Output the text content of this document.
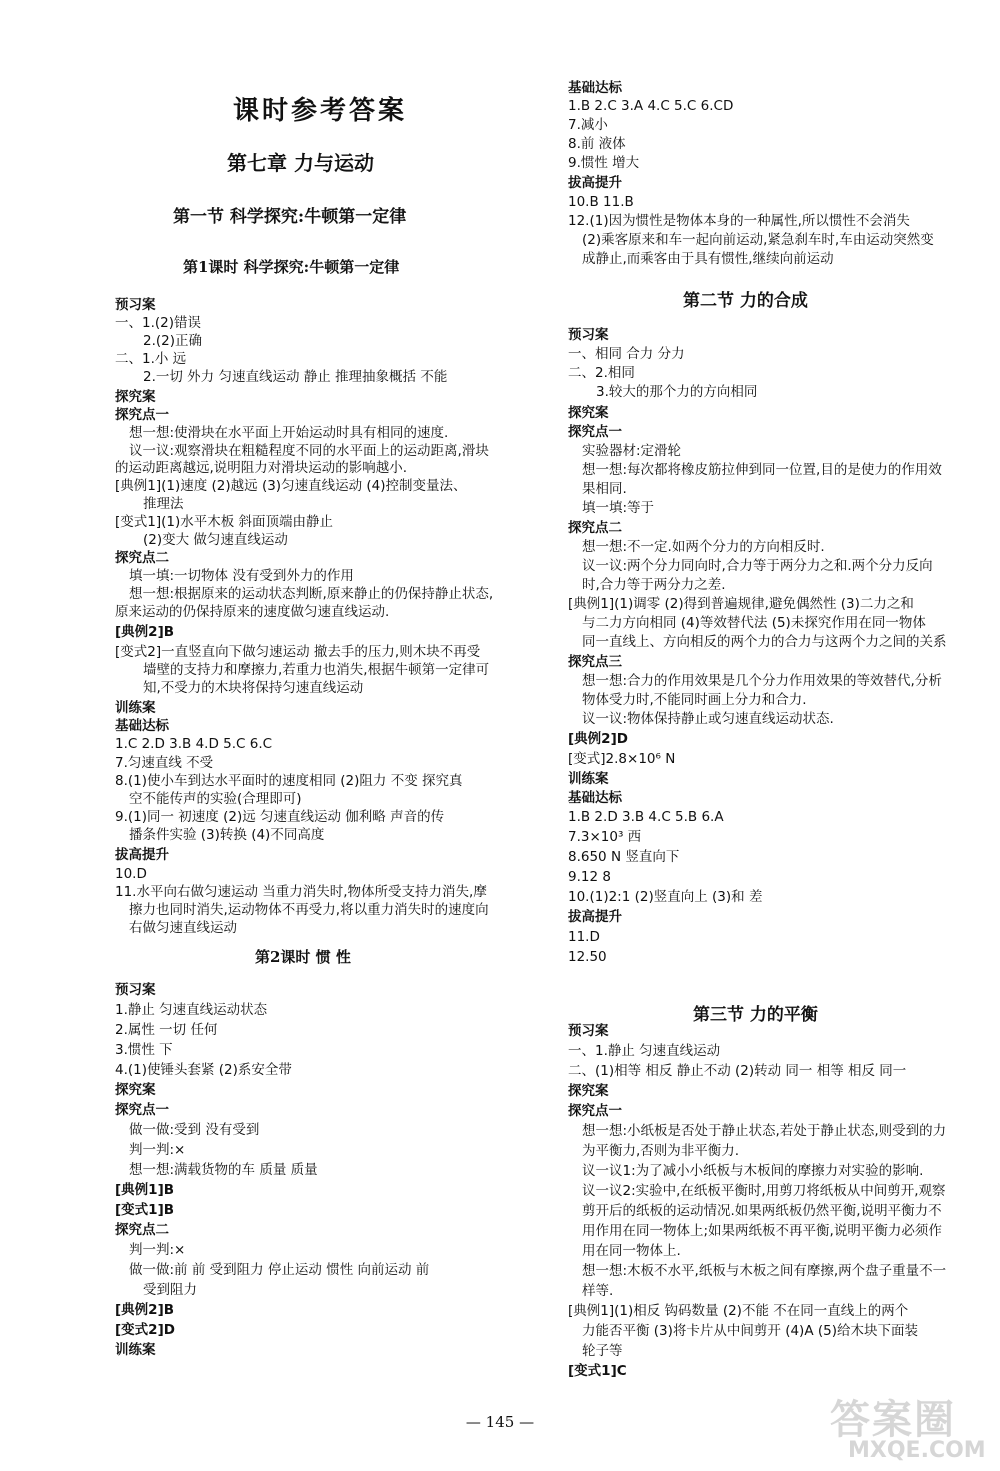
课时参考答案
第七章 力与运动
第一节 科学探究:牛顿第一定律
第1课时 科学探究:牛顿第一定律
第2课时 惯 性
预习案
一、1.(2)错误
2.(2)正确
二、1.小 远
2.一切 外力 匀速直线运动 静止 推理抽象概括 不能
探究案
探究点一
想一想:使滑块在水平面上开始运动时具有相同的速度.
议一议:观察滑块在粗糙程度不同的水平面上的运动距离,滑块
的运动距离越远,说明阻力对滑块运动的影响越小.
[典例1](1)速度 (2)越远 (3)匀速直线运动 (4)控制变量法、
推理法
[变式1](1)水平木板 斜面顶端由静止
(2)变大 做匀速直线运动
探究点二
填一填:一切物体 没有受到外力的作用
想一想:根据原来的运动状态判断,原来静止的仍保持静止状态,
原来运动的仍保持原来的速度做匀速直线运动.
[典例2]B
[变式2]一直竖直向下做匀速运动 撤去手的压力,则木块不再受
墙壁的支持力和摩擦力,若重力也消失,根据牛顿第一定律可
知,不受力的木块将保持匀速直线运动
训练案
基础达标
1.C 2.D 3.B 4.D 5.C 6.C
7.匀速直线 不受
8.(1)使小车到达水平面时的速度相同 (2)阻力 不变 探究真
空不能传声的实验(合理即可)
9.(1)同一 初速度 (2)远 匀速直线运动 伽利略 声音的传
播条件实验 (3)转换 (4)不同高度
拔高提升
10.D
11.水平向右做匀速运动 当重力消失时,物体所受支持力消失,摩
擦力也同时消失,运动物体不再受力,将以重力消失时的速度向
右做匀速直线运动
预习案
1.静止 匀速直线运动状态
2.属性 一切 任何
3.惯性 下
4.(1)使锤头套紧 (2)系安全带
探究案
探究点一
做一做:受到 没有受到
判一判:×
想一想:满载货物的车 质量 质量
[典例1]B
[变式1]B
探究点二
判一判:×
做一做:前 前 受到阻力 停止运动 惯性 向前运动 前
受到阻力
[典例2]B
[变式2]D
训练案
第二节 力的合成
第三节 力的平衡
基础达标
1.B 2.C 3.A 4.C 5.C 6.CD
7.减小
8.前 液体
9.惯性 增大
拔高提升
10.B 11.B
12.(1)因为惯性是物体本身的一种属性,所以惯性不会消失
(2)乘客原来和车一起向前运动,紧急刹车时,车由运动突然变
成静止,而乘客由于具有惯性,继续向前运动
预习案
一、相同 合力 分力
二、2.相同
3.较大的那个力的方向相同
探究案
探究点一
实验器材:定滑轮
想一想:每次都将橡皮筋拉伸到同一位置,目的是使力的作用效
果相同.
填一填:等于
探究点二
想一想:不一定.如两个分力的方向相反时.
议一议:两个分力同向时,合力等于两分力之和.两个分力反向
时,合力等于两分力之差.
[典例1](1)调零 (2)得到普遍规律,避免偶然性 (3)二力之和
与二力方向相同 (4)等效替代法 (5)未探究作用在同一物体
同一直线上、方向相反的两个力的合力与这两个力之间的关系
探究点三
想一想:合力的作用效果是几个分力作用效果的等效替代,分析
物体受力时,不能同时画上分力和合力.
议一议:物体保持静止或匀速直线运动状态.
[典例2]D
[变式]2.8×10⁶ N
训练案
基础达标
1.B 2.D 3.B 4.C 5.B 6.A
7.3×10³ 西
8.650 N 竖直向下
9.12 8
10.(1)2:1 (2)竖直向上 (3)和 差
拔高提升
11.D
12.50
预习案
一、1.静止 匀速直线运动
二、(1)相等 相反 静止不动 (2)转动 同一 相等 相反 同一
探究案
探究点一
想一想:小纸板是否处于静止状态,若处于静止状态,则受到的力
为平衡力,否则为非平衡力.
议一议1:为了减小小纸板与木板间的摩擦力对实验的影响.
议一议2:实验中,在纸板平衡时,用剪刀将纸板从中间剪开,观察
剪开后的纸板的运动情况.如果两纸板仍然平衡,说明平衡力不
用作用在同一物体上;如果两纸板不再平衡,说明平衡力必须作
用在同一物体上.
想一想:木板不水平,纸板与木板之间有摩擦,两个盘子重量不一
样等.
[典例1](1)相反 钩码数量 (2)不能 不在同一直线上的两个
力能否平衡 (3)将卡片从中间剪开 (4)A (5)给木块下面装
轮子等
[变式1]C
— 145 —	答案圈
MXQE.COM
